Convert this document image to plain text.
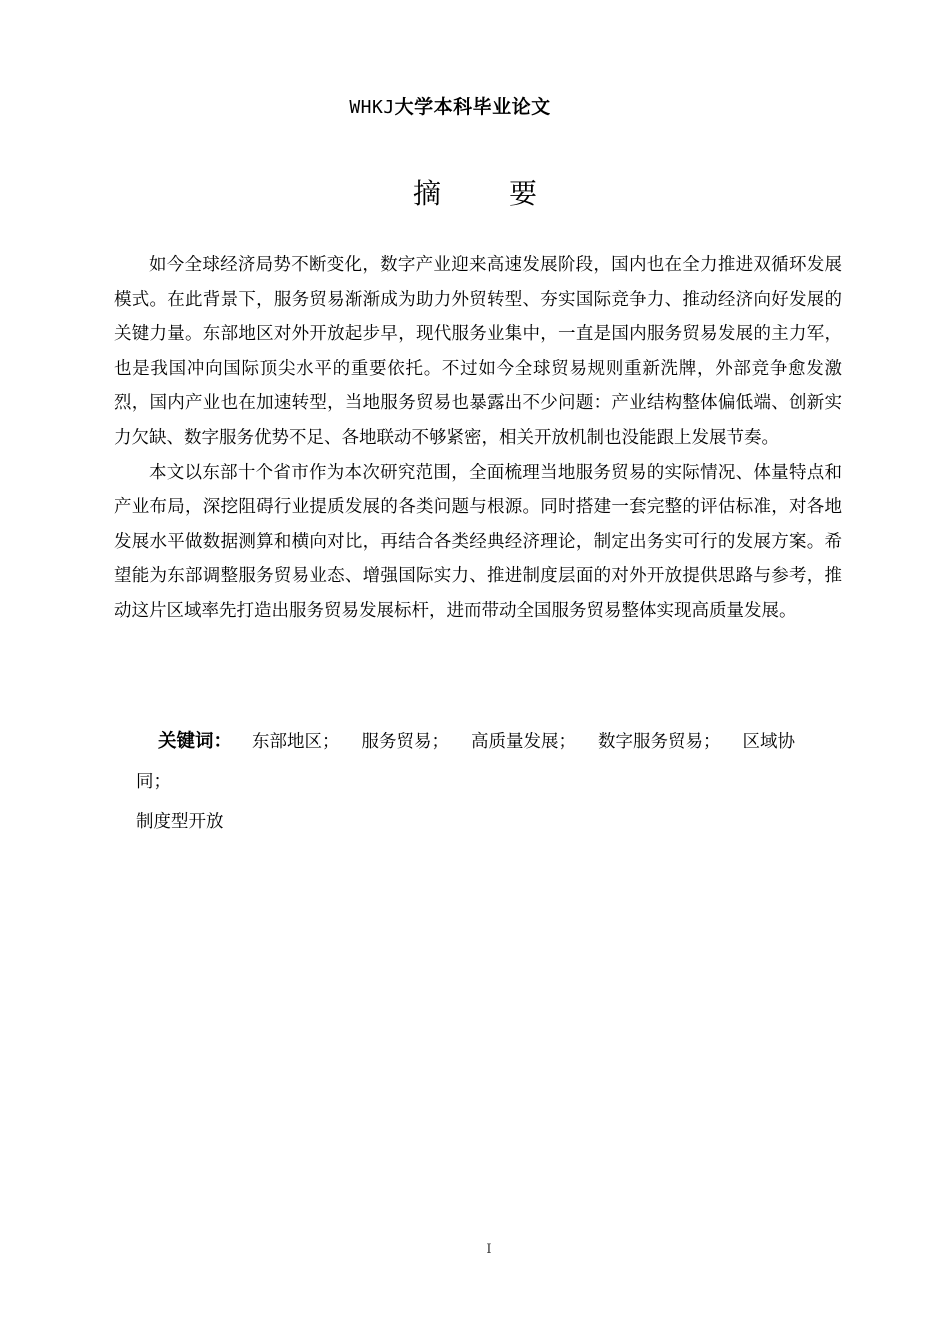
WHKJ大学本科毕业论文
摘 要

如今全球经济局势不断变化，数字产业迎来高速发展阶段，国内也在全力推进双循环发展模式。在此背景下，服务贸易渐渐成为助力外贸转型、夯实国际竞争力、推动经济向好发展的关键力量。东部地区对外开放起步早，现代服务业集中，一直是国内服务贸易发展的主力军，也是我国冲向国际顶尖水平的重要依托。不过如今全球贸易规则重新洗牌，外部竞争愈发激烈，国内产业也在加速转型，当地服务贸易也暴露出不少问题：产业结构整体偏低端、创新实力欠缺、数字服务优势不足、各地联动不够紧密，相关开放机制也没能跟上发展节奏。

本文以东部十个省市作为本次研究范围，全面梳理当地服务贸易的实际情况、体量特点和产业布局，深挖阻碍行业提质发展的各类问题与根源。同时搭建一套完整的评估标准，对各地发展水平做数据测算和横向对比，再结合各类经典经济理论，制定出务实可行的发展方案。希望能为东部调整服务贸易业态、增强国际实力、推进制度层面的对外开放提供思路与参考，推动这片区域率先打造出服务贸易发展标杆，进而带动全国服务贸易整体实现高质量发展。

关键词： 东部地区； 服务贸易； 高质量发展； 数字服务贸易； 区域协同；
制度型开放
I
